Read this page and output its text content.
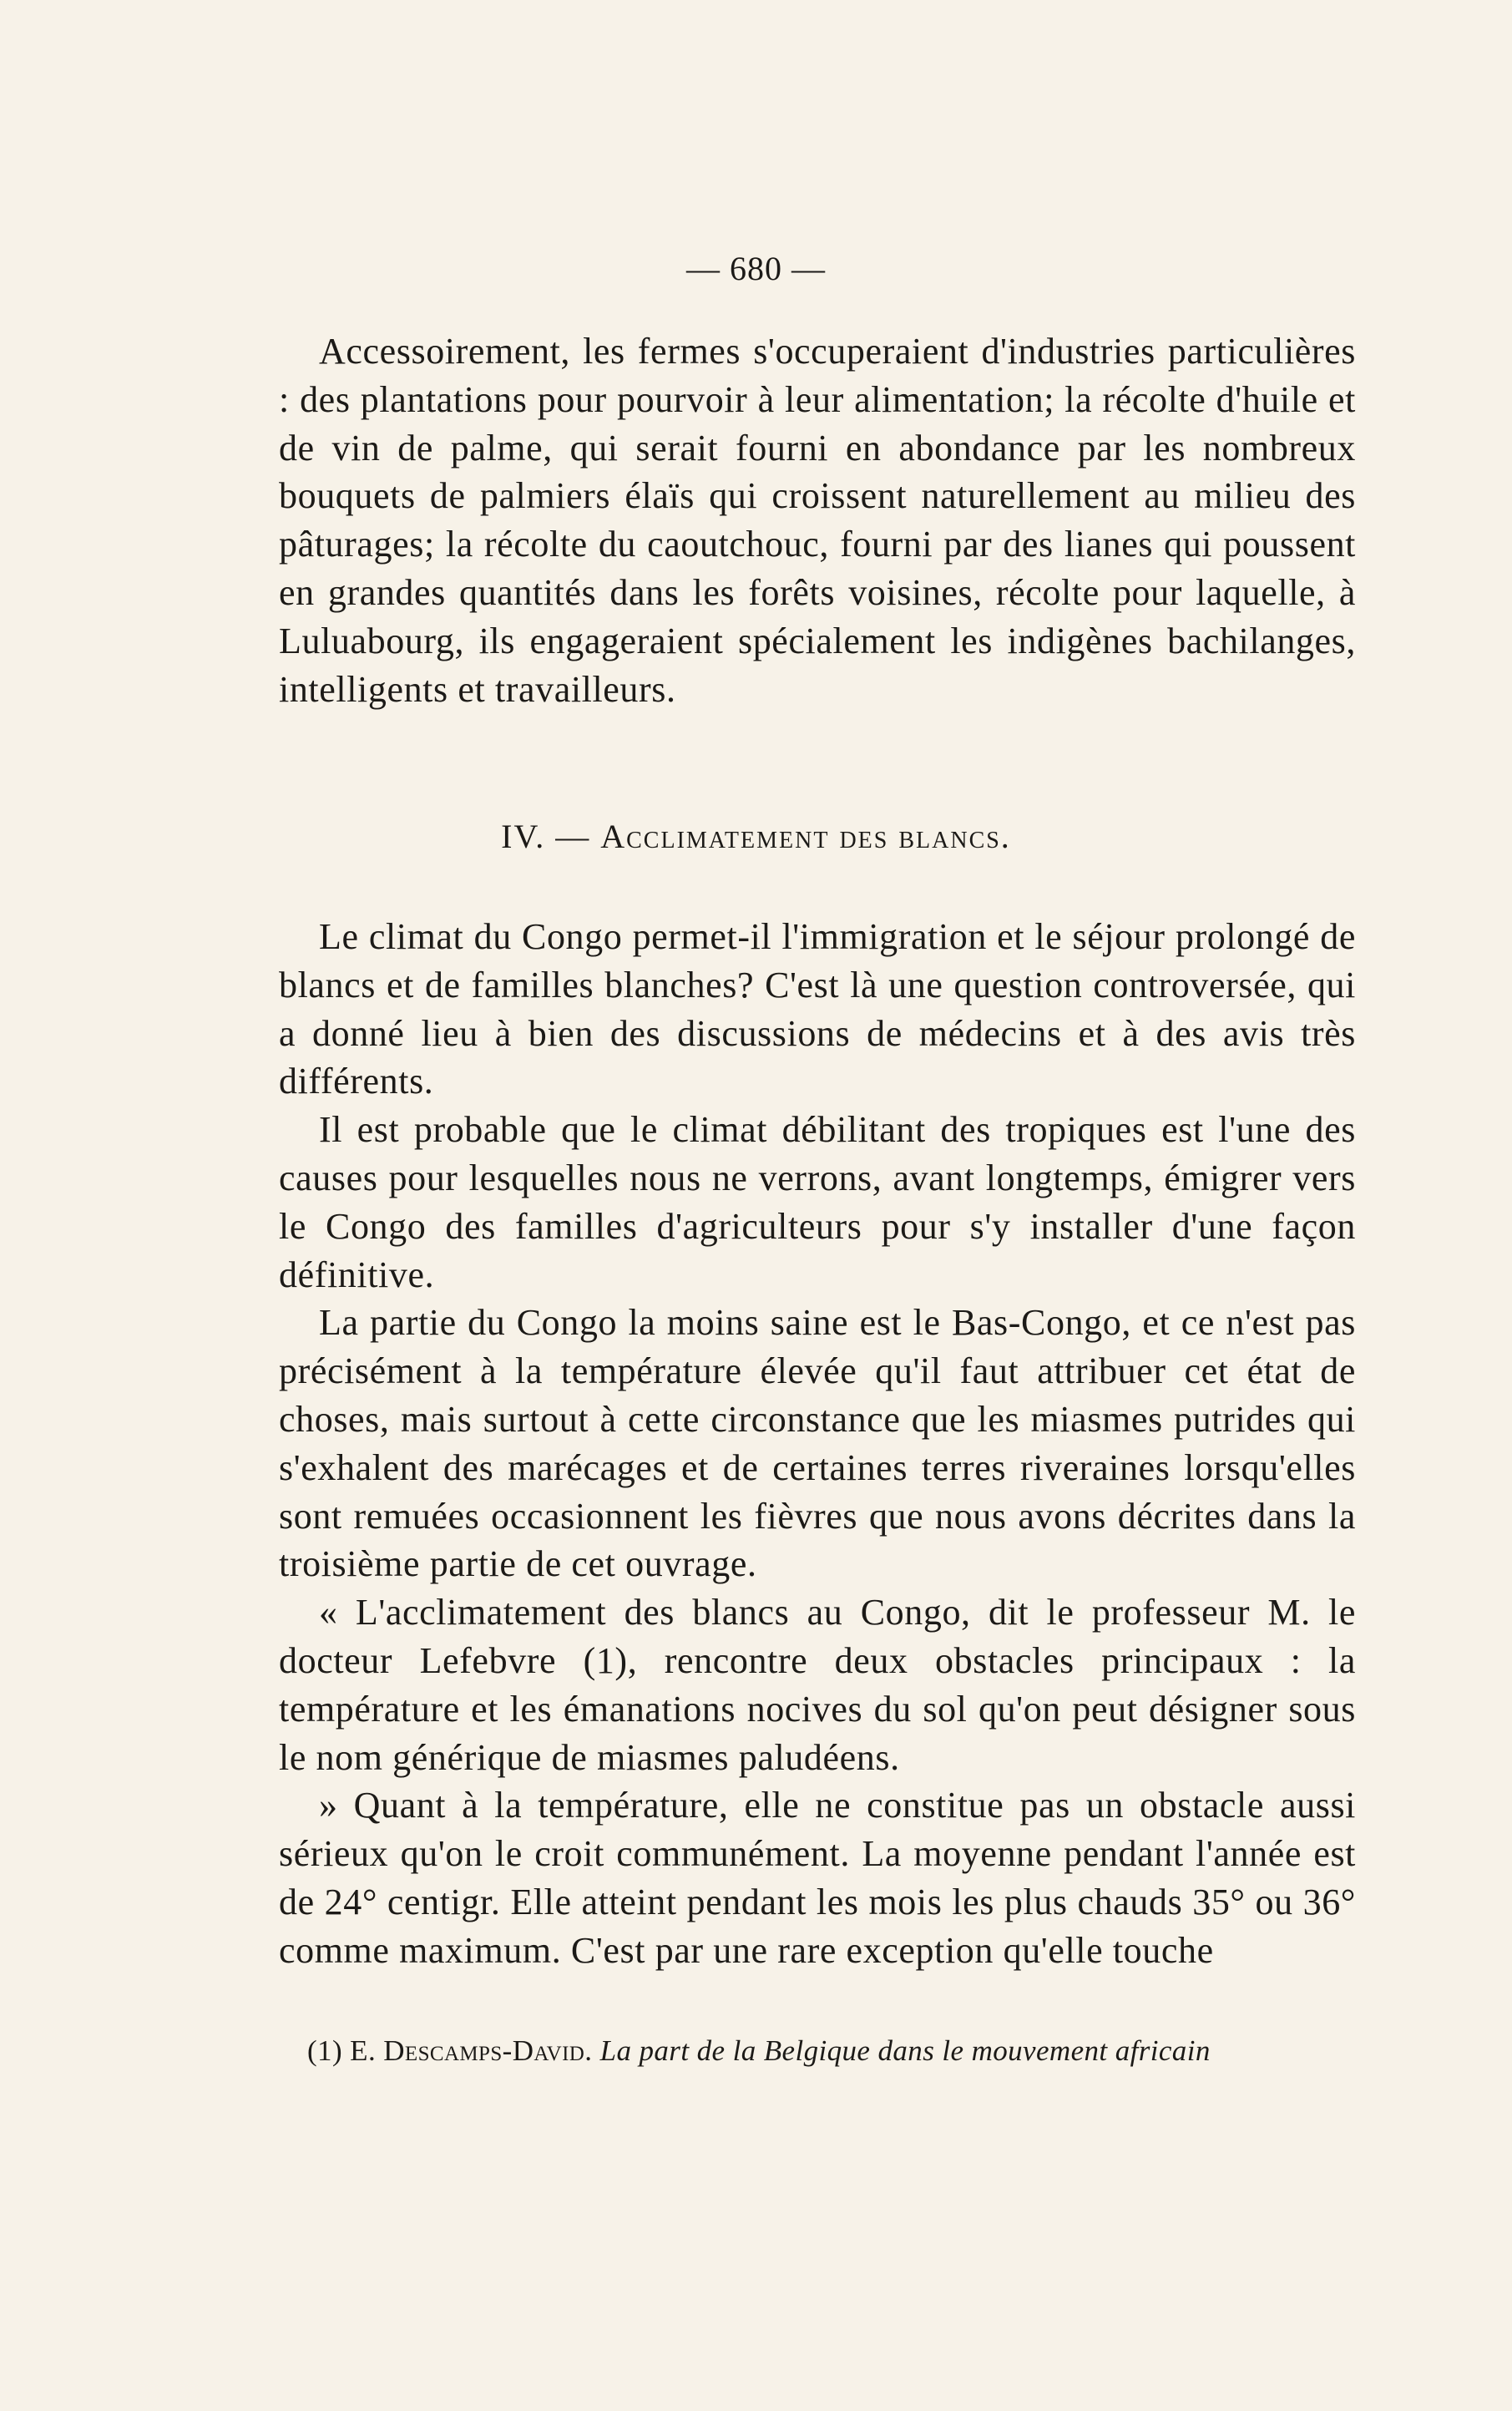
— 680 —

Accessoirement, les fermes s'occuperaient d'industries particulières : des plantations pour pourvoir à leur alimentation; la récolte d'huile et de vin de palme, qui serait fourni en abondance par les nombreux bouquets de palmiers élaïs qui croissent naturellement au milieu des pâturages; la récolte du caoutchouc, fourni par des lianes qui poussent en grandes quantités dans les forêts voisines, récolte pour laquelle, à Luluabourg, ils engageraient spécialement les indigènes bachilanges, intelligents et travailleurs.

IV. — Acclimatement des blancs.

Le climat du Congo permet-il l'immigration et le séjour prolongé de blancs et de familles blanches? C'est là une question controversée, qui a donné lieu à bien des discussions de médecins et à des avis très différents.

Il est probable que le climat débilitant des tropiques est l'une des causes pour lesquelles nous ne verrons, avant longtemps, émigrer vers le Congo des familles d'agriculteurs pour s'y installer d'une façon définitive.

La partie du Congo la moins saine est le Bas-Congo, et ce n'est pas précisément à la température élevée qu'il faut attribuer cet état de choses, mais surtout à cette circonstance que les miasmes putrides qui s'exhalent des marécages et de certaines terres riveraines lorsqu'elles sont remuées occasionnent les fièvres que nous avons décrites dans la troisième partie de cet ouvrage.

« L'acclimatement des blancs au Congo, dit le professeur M. le docteur Lefebvre (1), rencontre deux obstacles principaux : la température et les émanations nocives du sol qu'on peut désigner sous le nom générique de miasmes paludéens.

» Quant à la température, elle ne constitue pas un obstacle aussi sérieux qu'on le croit communément. La moyenne pendant l'année est de 24° centigr. Elle atteint pendant les mois les plus chauds 35° ou 36° comme maximum. C'est par une rare exception qu'elle touche

(1) E. Descamps-David. La part de la Belgique dans le mouvement africain
